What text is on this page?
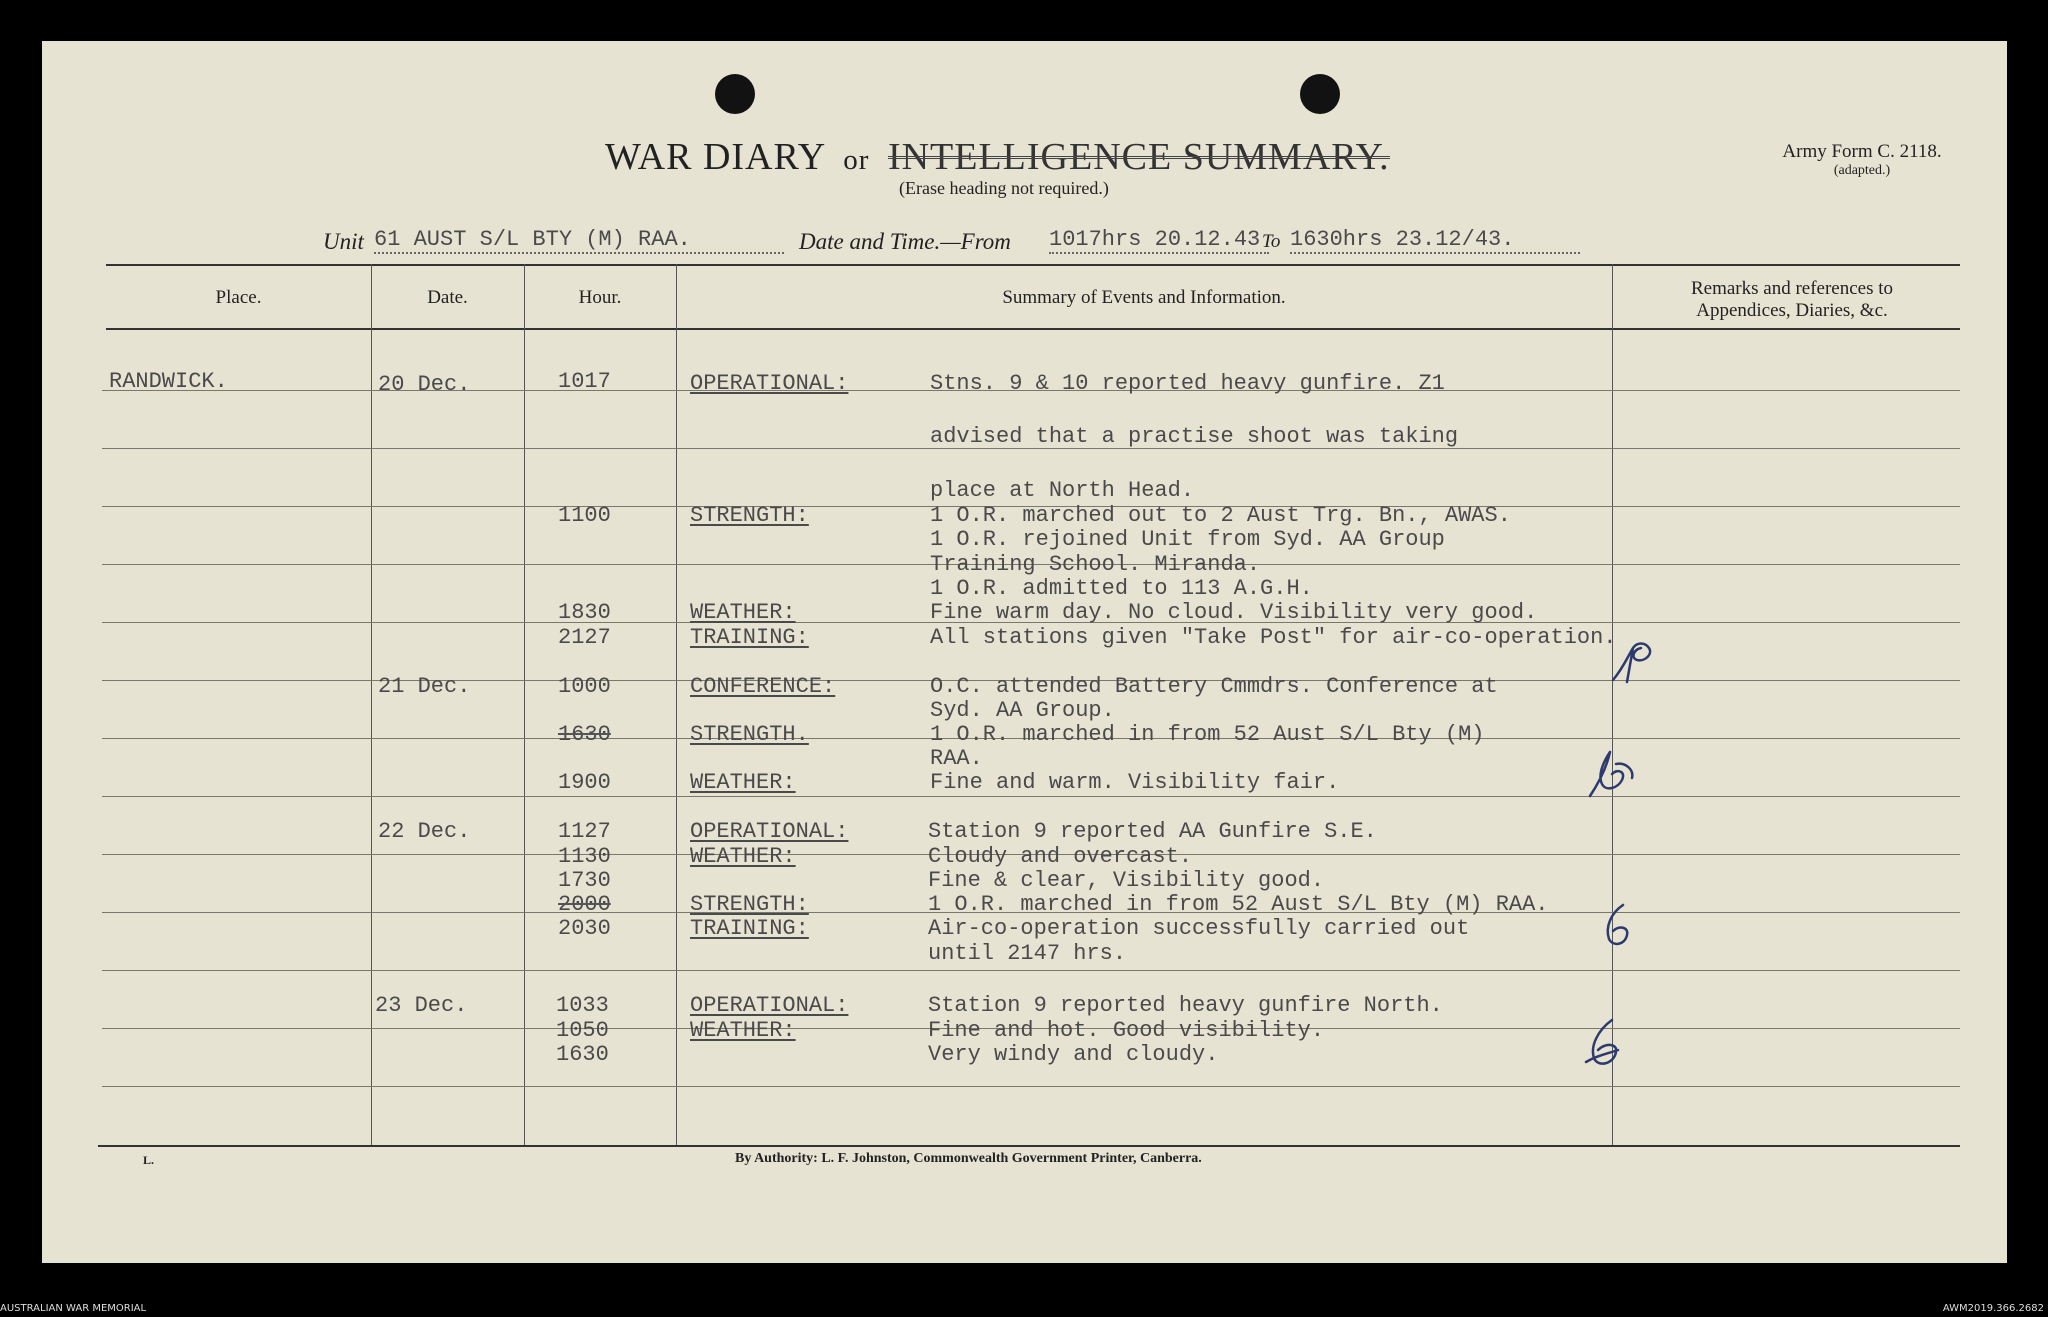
WAR DIARY or INTELLIGENCE SUMMARY.
(Erase heading not required.)
Army Form C. 2118.
(adapted.)
Unit 61 AUST S/L BTY (M) RAA.	Date and Time.—From 1017hrs 20.12.43 To 1630hrs 23.12/43.
Place.	Date.	Hour.	Summary of Events and Information.	Remarks and references to Appendices, Diaries, &c.
RANDWICK.	20 Dec.	1017	OPERATIONAL:	Stns. 9 & 10 reported heavy gunfire. Z1
advised that a practise shoot was taking
place at North Head.
1100	STRENGTH:	1 O.R. marched out to 2 Aust Trg. Bn., AWAS.
1 O.R. rejoined Unit from Syd. AA Group
Training School. Miranda.
1 O.R. admitted to 113 A.G.H.
1830	WEATHER:	Fine warm day. No cloud. Visibility very good.
2127	TRAINING:	All stations given "Take Post" for air-co-operation.
21 Dec.	1000	CONFERENCE:	O.C. attended Battery Cmmdrs. Conference at
Syd. AA Group.
1630	STRENGTH.	1 O.R. marched in from 52 Aust S/L Bty (M)
RAA.
1900	WEATHER:	Fine and warm. Visibility fair.
22 Dec.	1127	OPERATIONAL:	Station 9 reported AA Gunfire S.E.
1130	WEATHER:	Cloudy and overcast.
1730	Fine & clear, Visibility good.
2000	STRENGTH:	1 O.R. marched in from 52 Aust S/L Bty (M) RAA.
2030	TRAINING:	Air-co-operation successfully carried out
until 2147 hrs.
23 Dec.	1033	OPERATIONAL:	Station 9 reported heavy gunfire North.
1050	WEATHER:	Fine and hot. Good visibility.
1630	Very windy and cloudy.
L.	By Authority: L. F. Johnston, Commonwealth Government Printer, Canberra.
AUSTRALIAN WAR MEMORIAL	AWM2019.366.2682
